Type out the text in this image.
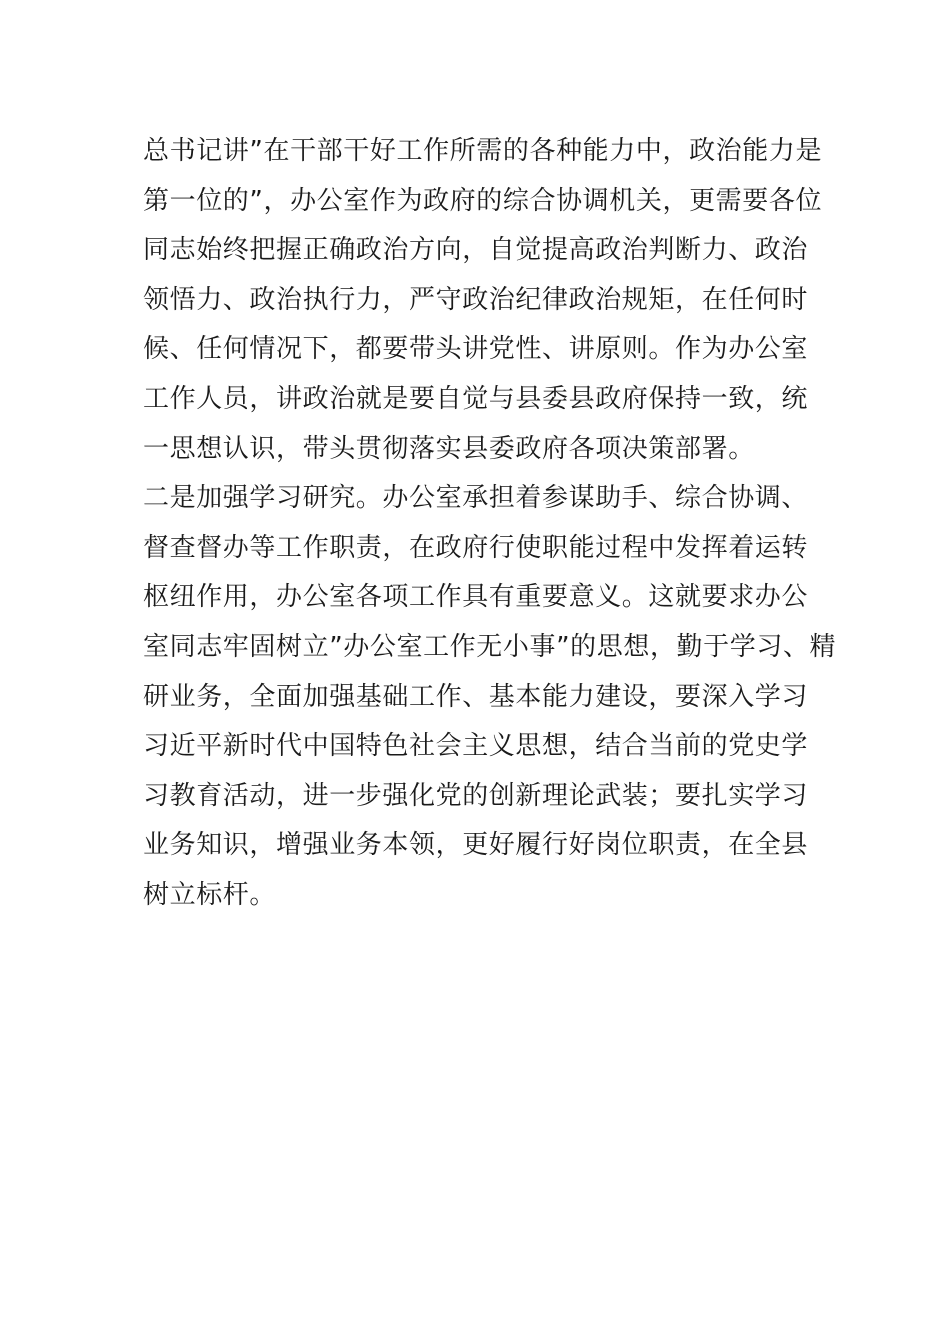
总书记讲”在干部干好工作所需的各种能力中，政治能力是
第一位的”，办公室作为政府的综合协调机关，更需要各位
同志始终把握正确政治方向，自觉提高政治判断力、政治
领悟力、政治执行力，严守政治纪律政治规矩，在任何时
候、任何情况下，都要带头讲党性、讲原则。作为办公室
工作人员，讲政治就是要自觉与县委县政府保持一致，统
一思想认识，带头贯彻落实县委政府各项决策部署。
二是加强学习研究。办公室承担着参谋助手、综合协调、
督查督办等工作职责，在政府行使职能过程中发挥着运转
枢纽作用，办公室各项工作具有重要意义。这就要求办公
室同志牢固树立”办公室工作无小事”的思想，勤于学习、精
研业务，全面加强基础工作、基本能力建设，要深入学习
习近平新时代中国特色社会主义思想，结合当前的党史学
习教育活动，进一步强化党的创新理论武装；要扎实学习
业务知识，增强业务本领，更好履行好岗位职责，在全县
树立标杆。
